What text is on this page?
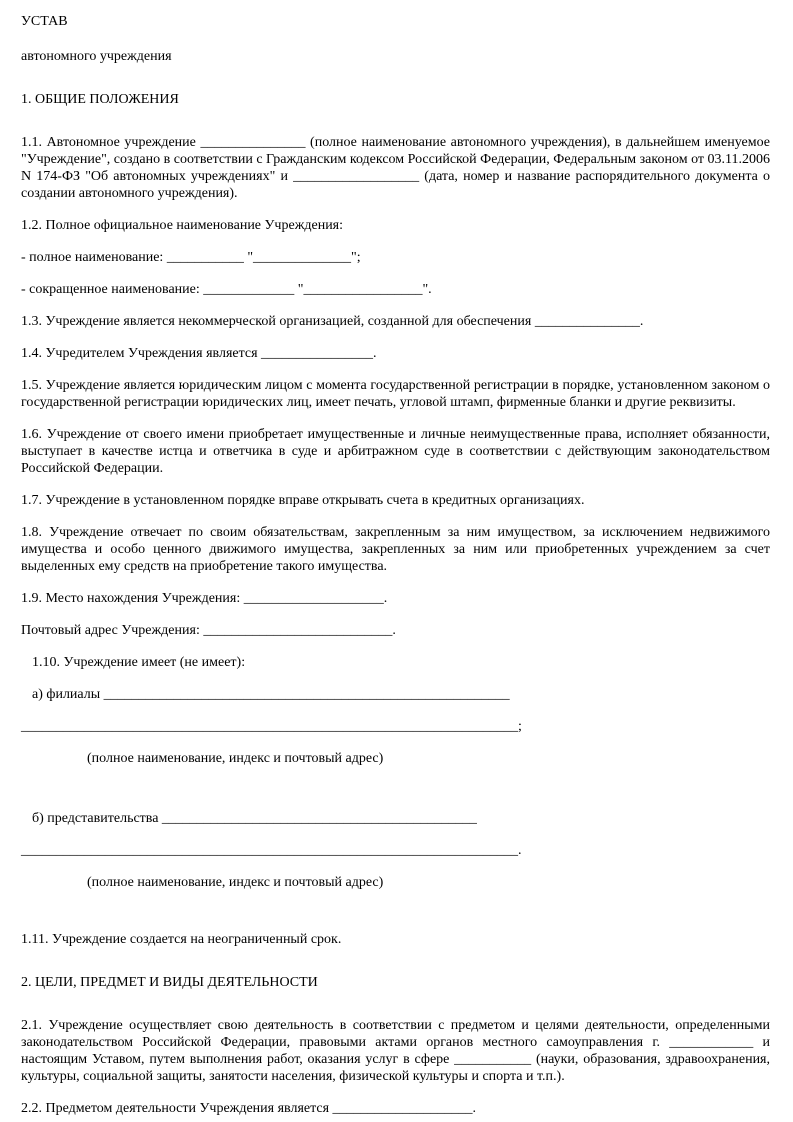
УСТАВ

автономного учреждения

1. ОБЩИЕ ПОЛОЖЕНИЯ

1.1. Автономное учреждение _______________ (полное наименование автономного учреждения), в дальнейшем именуемое "Учреждение", создано в соответствии с Гражданским кодексом Российской Федерации, Федеральным законом от 03.11.2006 N 174-ФЗ "Об автономных учреждениях" и __________________ (дата, номер и название распорядительного документа о создании автономного учреждения).

1.2. Полное официальное наименование Учреждения:

- полное наименование: ___________ "______________";

- сокращенное наименование: _____________ "_________________".

1.3. Учреждение является некоммерческой организацией, созданной для обеспечения _______________.

1.4. Учредителем Учреждения является ________________.

1.5. Учреждение является юридическим лицом с момента государственной регистрации в порядке, установленном законом о государственной регистрации юридических лиц, имеет печать, угловой штамп, фирменные бланки и другие реквизиты.

1.6. Учреждение от своего имени приобретает имущественные и личные неимущественные права, исполняет обязанности, выступает в качестве истца и ответчика в суде и арбитражном суде в соответствии с действующим законодательством Российской Федерации.

1.7. Учреждение в установленном порядке вправе открывать счета в кредитных организациях.

1.8. Учреждение отвечает по своим обязательствам, закрепленным за ним имуществом, за исключением недвижимого имущества и особо ценного движимого имущества, закрепленных за ним или приобретенных учреждением за счет выделенных ему средств на приобретение такого имущества.

1.9. Место нахождения Учреждения: ____________________.

Почтовый адрес Учреждения: ___________________________.

1.10. Учреждение имеет (не имеет):

а) филиалы __________________________________________________________

_______________________________________________________________________;

(полное наименование, индекс и почтовый адрес)

б) представительства _____________________________________________

_______________________________________________________________________.

(полное наименование, индекс и почтовый адрес)

1.11. Учреждение создается на неограниченный срок.

2. ЦЕЛИ, ПРЕДМЕТ И ВИДЫ ДЕЯТЕЛЬНОСТИ

2.1. Учреждение осуществляет свою деятельность в соответствии с предметом и целями деятельности, определенными законодательством Российской Федерации, правовыми актами органов местного самоуправления г. ____________ и настоящим Уставом, путем выполнения работ, оказания услуг в сфере ___________ (науки, образования, здравоохранения, культуры, социальной защиты, занятости населения, физической культуры и спорта и т.п.).

2.2. Предметом деятельности Учреждения является ____________________.
